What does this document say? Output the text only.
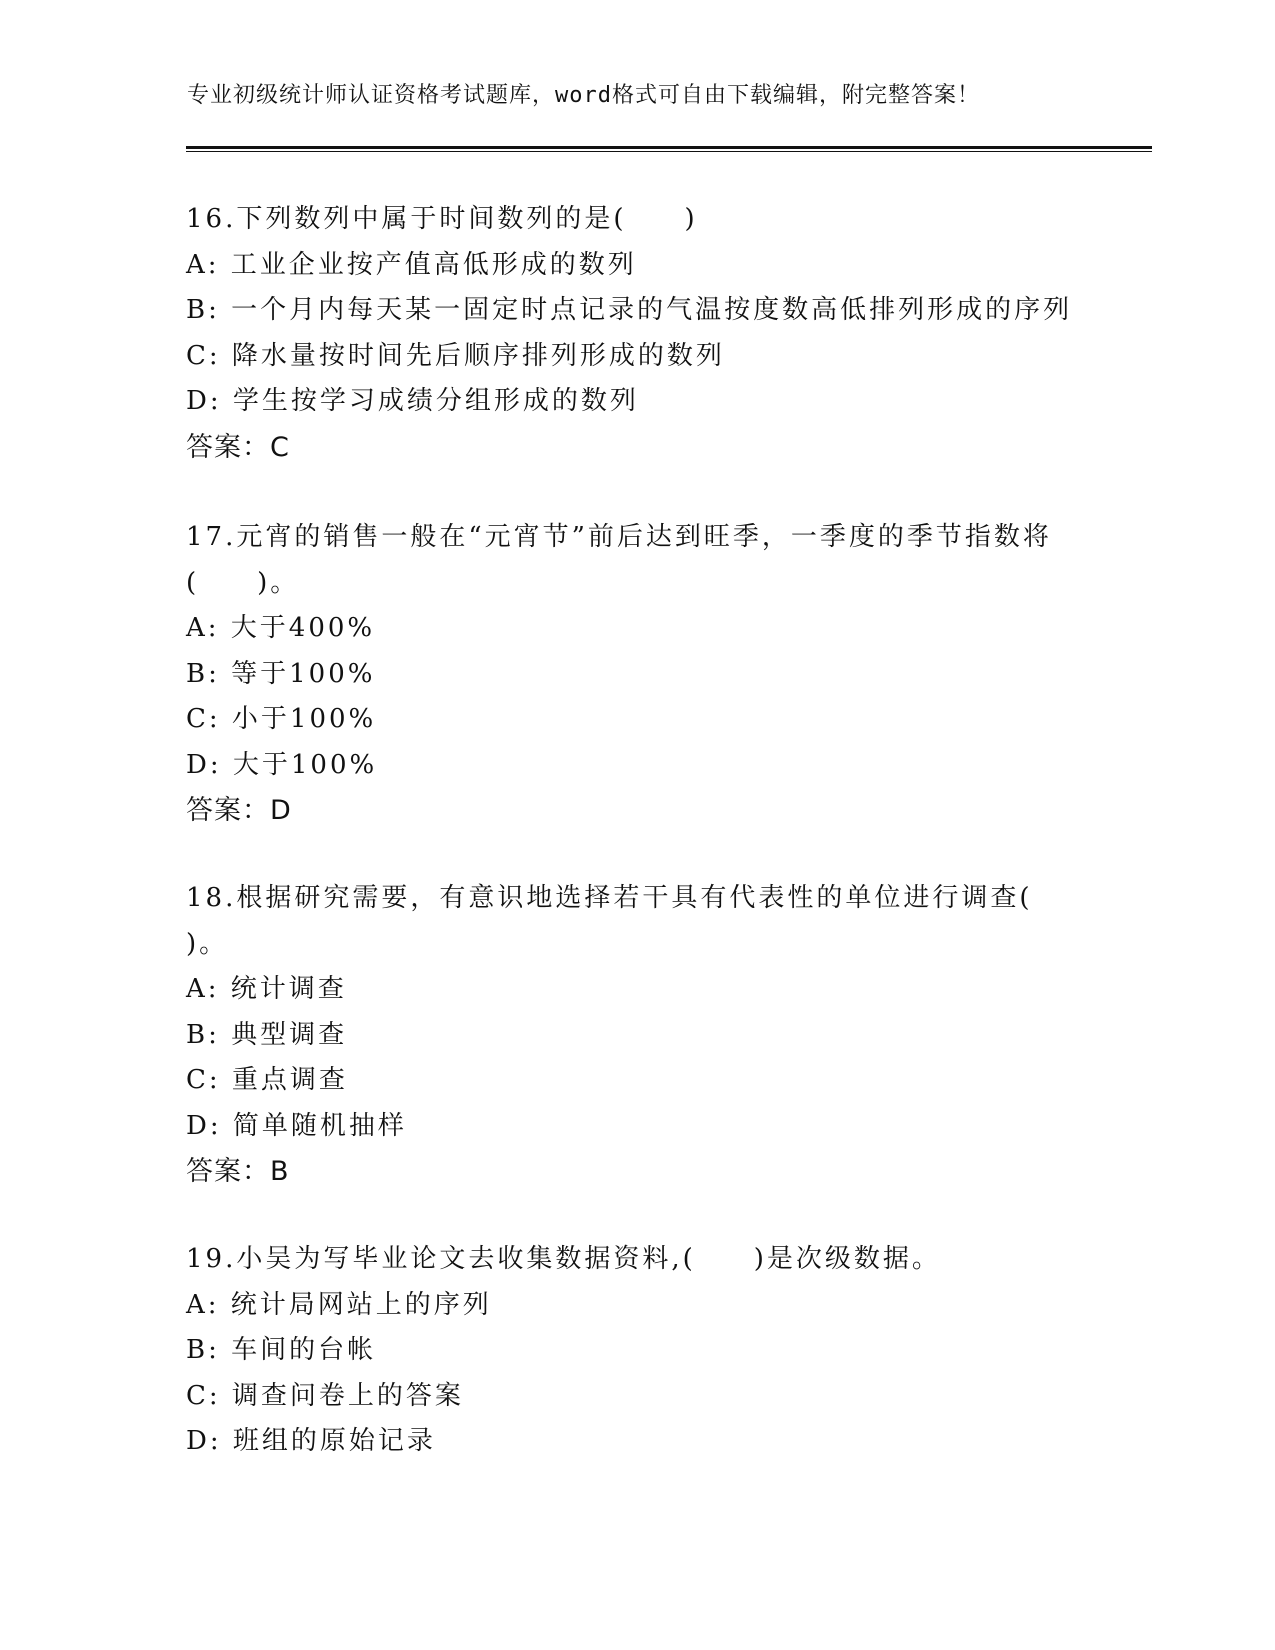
专业初级统计师认证资格考试题库，word格式可自由下载编辑，附完整答案！
16.下列数列中属于时间数列的是(　　)
A: 工业企业按产值高低形成的数列
B: 一个月内每天某一固定时点记录的气温按度数高低排列形成的序列
C: 降水量按时间先后顺序排列形成的数列
D: 学生按学习成绩分组形成的数列
答案：C
17.元宵的销售一般在“元宵节”前后达到旺季，一季度的季节指数将
(　　)。
A: 大于400%
B: 等于100%
C: 小于100%
D: 大于100%
答案：D
18.根据研究需要，有意识地选择若干具有代表性的单位进行调查(
)。
A: 统计调查
B: 典型调查
C: 重点调查
D: 简单随机抽样
答案：B
19.小吴为写毕业论文去收集数据资料,(　　)是次级数据。
A: 统计局网站上的序列
B: 车间的台帐
C: 调查问卷上的答案
D: 班组的原始记录
